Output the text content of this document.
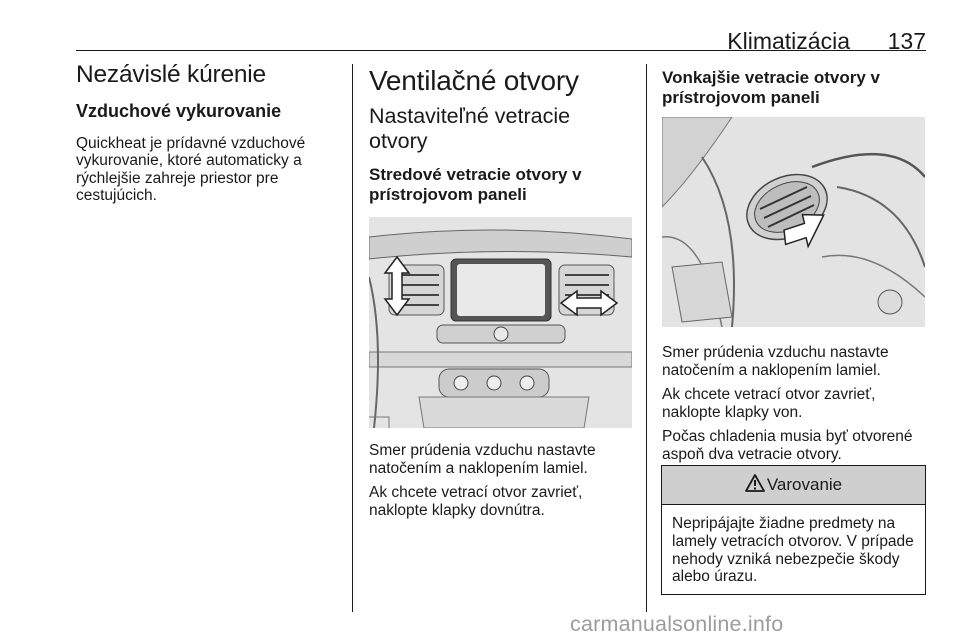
Klimatizácia	137
Nezávislé kúrenie
Vzduchové vykurovanie
Quickheat je prídavné vzduchové vykurovanie, ktoré automaticky a rýchlejšie zahreje priestor pre cestujúcich.
Ventilačné otvory
Nastaviteľné vetracie otvory
Stredové vetracie otvory v prístrojovom paneli
Smer prúdenia vzduchu nastavte natočením a naklopením lamiel.
Ak chcete vetrací otvor zavrieť, naklopte klapky dovnútra.
Vonkajšie vetracie otvory v prístrojovom paneli
Smer prúdenia vzduchu nastavte natočením a naklopením lamiel.
Ak chcete vetrací otvor zavrieť, naklopte klapky von.
Počas chladenia musia byť otvorené aspoň dva vetracie otvory.
Varovanie
Nepripájajte žiadne predmety na lamely vetracích otvorov. V prípade nehody vzniká nebezpečie škody alebo úrazu.
carmanualsonline.info
